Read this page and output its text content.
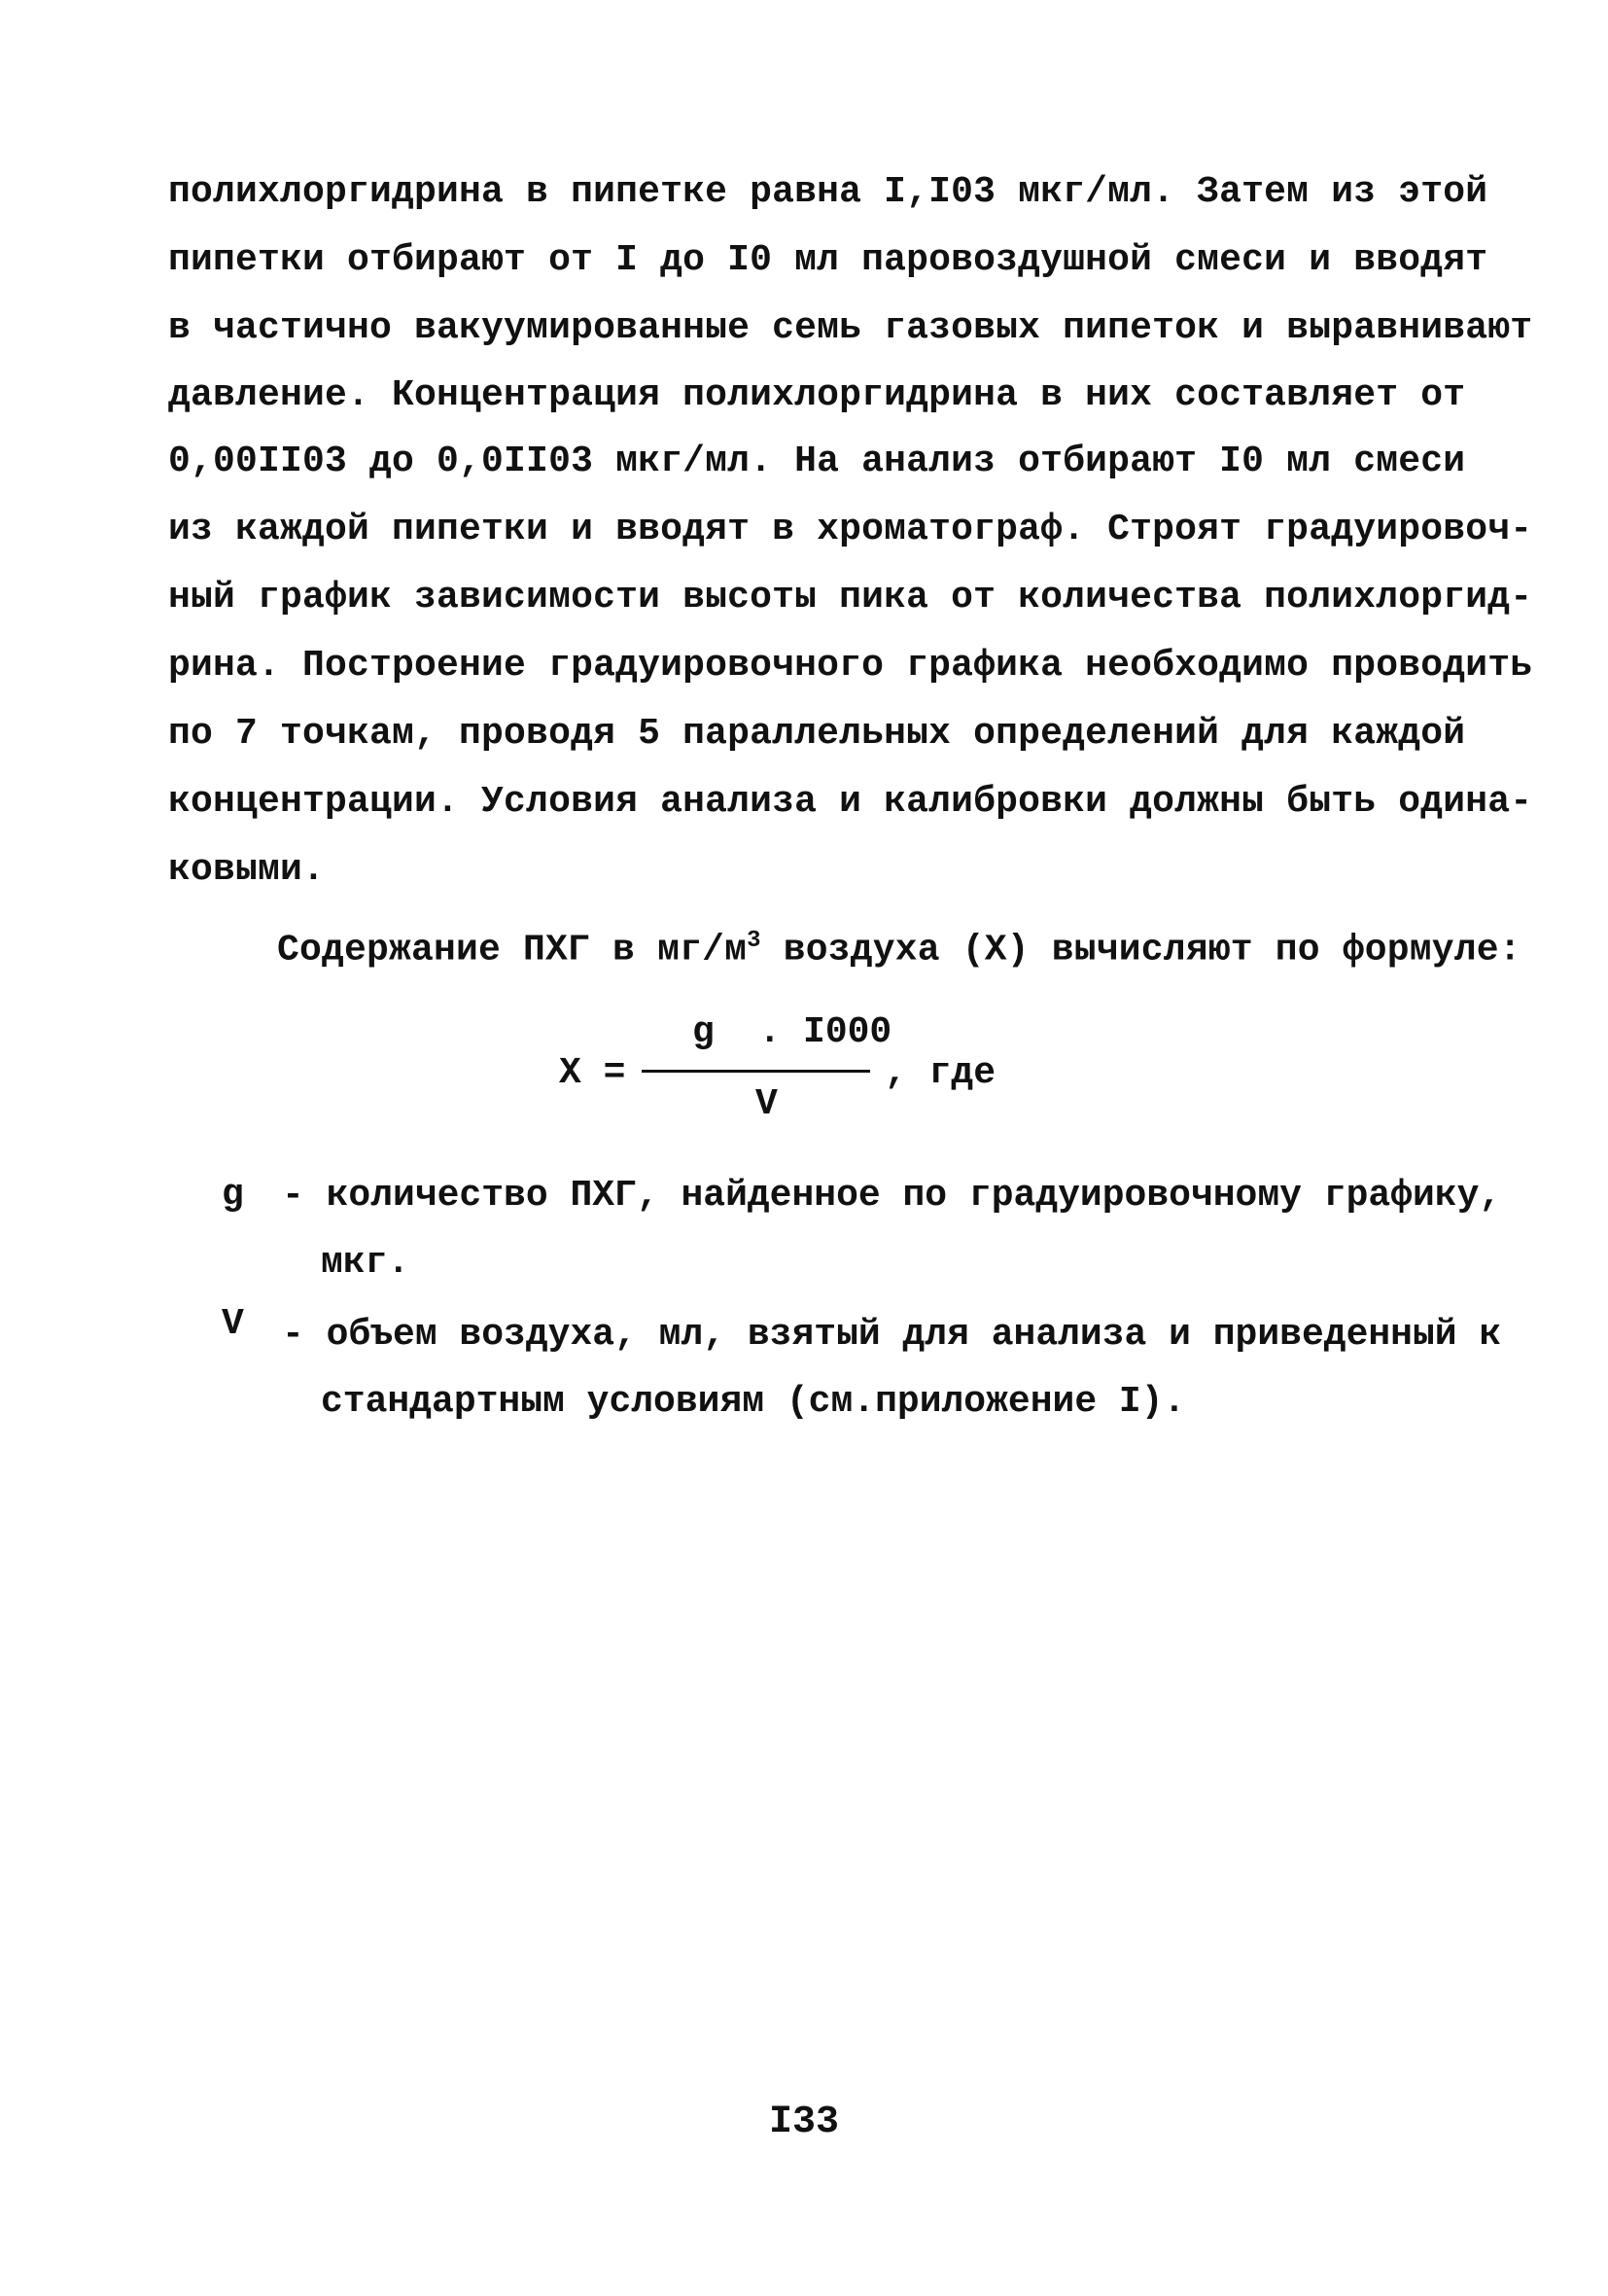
полихлоргидрина в пипетке равна I,I03 мкг/мл. Затем из этой
пипетки отбирают от I до I0 мл паровоздушной смеси и вводят
в частично вакуумированные семь газовых пипеток и выравнивают
давление. Концентрация полихлоргидрина в них составляет от
0,00II03 до 0,0II03 мкг/мл. На анализ отбирают I0 мл смеси
из каждой пипетки и вводят в хроматограф. Строят градуировоч-
ный график зависимости высоты пика от количества полихлоргид-
рина. Построение градуировочного графика необходимо проводить
по 7 точкам, проводя 5 параллельных определений для каждой
концентрации. Условия анализа и калибровки должны быть одина-
ковыми.
Содержание ПХГ в $мг/м^3$ воздуха (X) вычисляют по формуле:
X =
g  . I000
V
, где
g - количество ПХГ, найденное по градуировочному графику,
мкг.
V - объем воздуха, мл, взятый для анализа и приведенный к
стандартным условиям (см.приложение I).
I33
